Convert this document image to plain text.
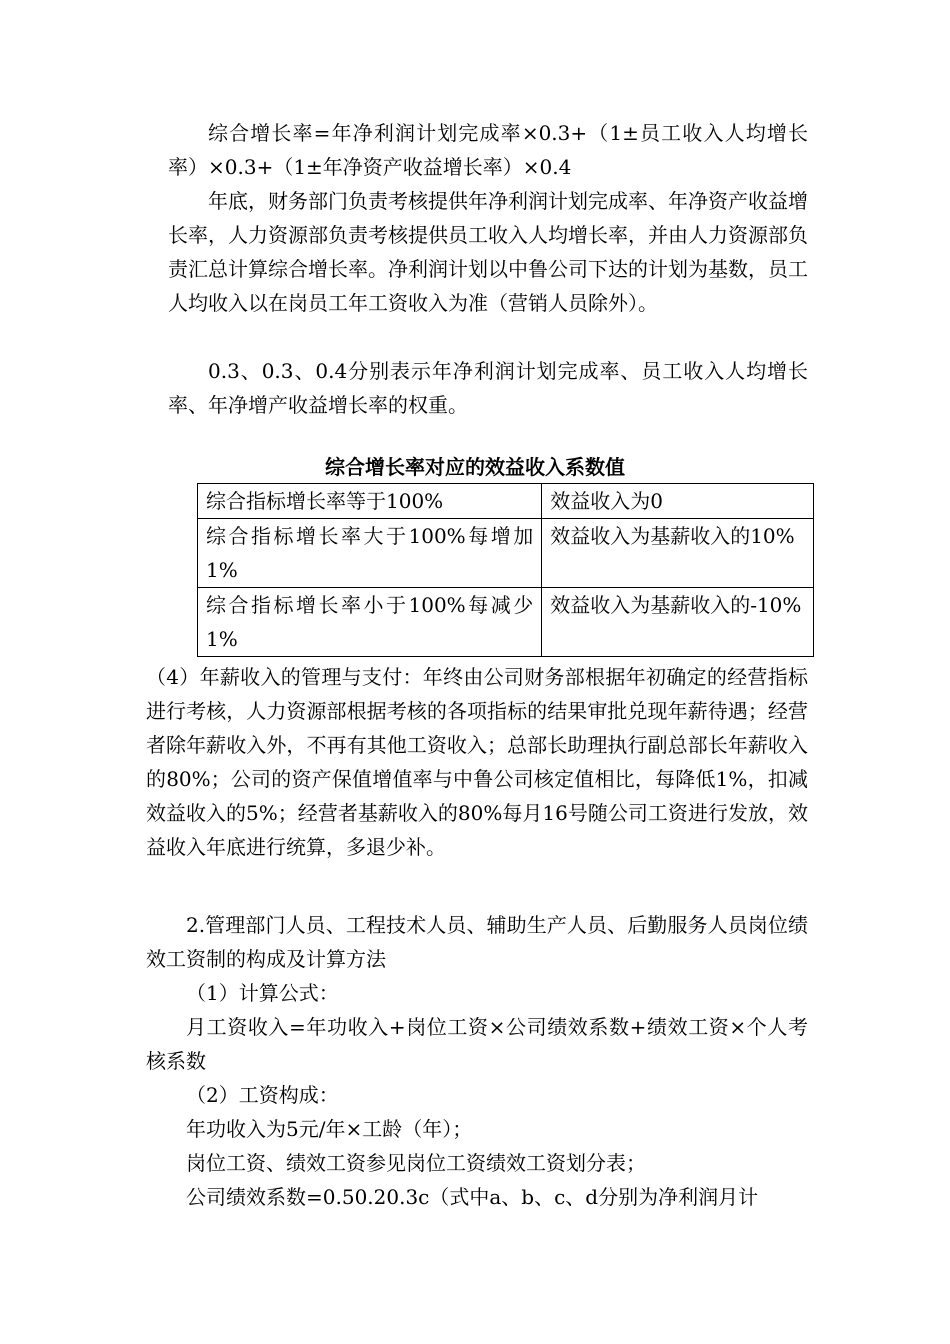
综合增长率=年净利润计划完成率×0.3+（1±员工收入人均增长率）×0.3+（1±年净资产收益增长率）×0.4
年底，财务部门负责考核提供年净利润计划完成率、年净资产收益增长率，人力资源部负责考核提供员工收入人均增长率，并由人力资源部负责汇总计算综合增长率。净利润计划以中鲁公司下达的计划为基数，员工人均收入以在岗员工年工资收入为准（营销人员除外）。
0.3、0.3、0.4分别表示年净利润计划完成率、员工收入人均增长率、年净增产收益增长率的权重。
综合增长率对应的效益收入系数值
综合指标增长率等于100%	效益收入为0
综合指标增长率大于100%每增加1%	效益收入为基薪收入的10%
综合指标增长率小于100%每减少1%	效益收入为基薪收入的-10%
（4）年薪收入的管理与支付：年终由公司财务部根据年初确定的经营指标进行考核，人力资源部根据考核的各项指标的结果审批兑现年薪待遇；经营者除年薪收入外，不再有其他工资收入；总部长助理执行副总部长年薪收入的80%；公司的资产保值增值率与中鲁公司核定值相比，每降低1%，扣减效益收入的5%；经营者基薪收入的80%每月16号随公司工资进行发放，效益收入年底进行统算，多退少补。
2.管理部门人员、工程技术人员、辅助生产人员、后勤服务人员岗位绩效工资制的构成及计算方法
（1）计算公式：
月工资收入=年功收入+岗位工资×公司绩效系数+绩效工资×个人考核系数
（2）工资构成：
年功收入为5元/年×工龄（年）；
岗位工资、绩效工资参见岗位工资绩效工资划分表；
公司绩效系数=0.50.20.3c（式中a、b、c、d分别为净利润月计
